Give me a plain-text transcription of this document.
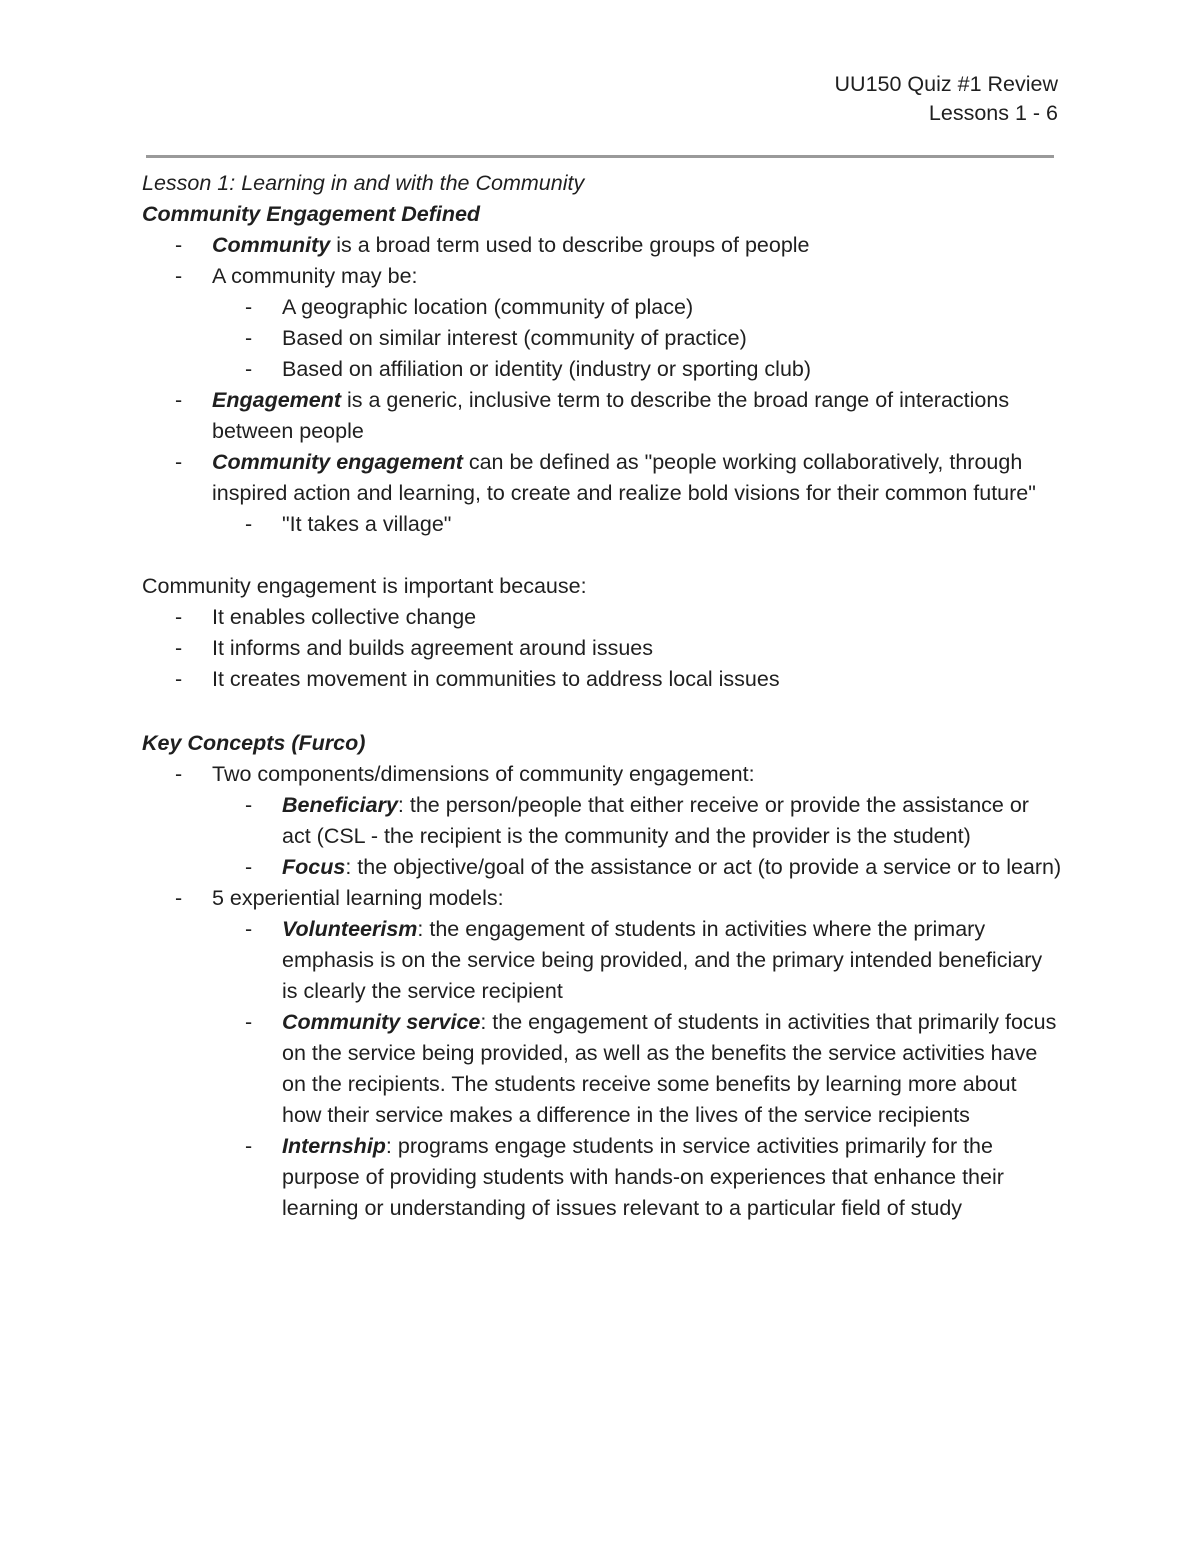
UU150 Quiz #1 Review
Lessons 1 - 6
Lesson 1: Learning in and with the Community
Community Engagement Defined
- Community is a broad term used to describe groups of people
- A community may be:
- A geographic location (community of place)
- Based on similar interest (community of practice)
- Based on affiliation or identity (industry or sporting club)
- Engagement is a generic, inclusive term to describe the broad range of interactions between people
- Community engagement can be defined as "people working collaboratively, through inspired action and learning, to create and realize bold visions for their common future"
- "It takes a village"
Community engagement is important because:
- It enables collective change
- It informs and builds agreement around issues
- It creates movement in communities to address local issues
Key Concepts (Furco)
- Two components/dimensions of community engagement:
- Beneficiary: the person/people that either receive or provide the assistance or act (CSL - the recipient is the community and the provider is the student)
- Focus: the objective/goal of the assistance or act (to provide a service or to learn)
- 5 experiential learning models:
- Volunteerism: the engagement of students in activities where the primary emphasis is on the service being provided, and the primary intended beneficiary is clearly the service recipient
- Community service: the engagement of students in activities that primarily focus on the service being provided, as well as the benefits the service activities have on the recipients. The students receive some benefits by learning more about how their service makes a difference in the lives of the service recipients
- Internship: programs engage students in service activities primarily for the purpose of providing students with hands-on experiences that enhance their learning or understanding of issues relevant to a particular field of study
